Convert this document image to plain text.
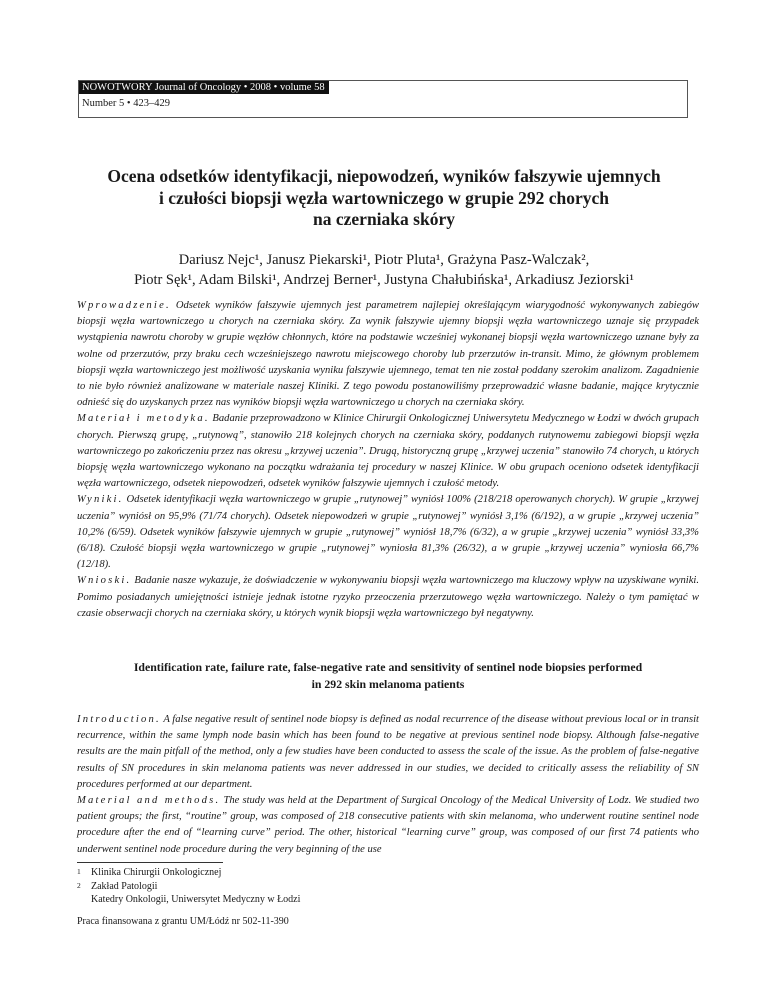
NOWOTWORY Journal of Oncology • 2008 • volume 58
Number 5 • 423–429
Ocena odsetków identyfikacji, niepowodzeń, wyników fałszywie ujemnych
i czułości biopsji węzła wartowniczego w grupie 292 chorych
na czerniaka skóry
Dariusz Nejc¹, Janusz Piekarski¹, Piotr Pluta¹, Grażyna Pasz-Walczak²,
Piotr Sęk¹, Adam Bilski¹, Andrzej Berner¹, Justyna Chałubińska¹, Arkadiusz Jeziorski¹

Wprowadzenie. Odsetek wyników fałszywie ujemnych jest parametrem najlepiej określającym wiarygodność wykonywanych zabiegów biopsji węzła wartowniczego u chorych na czerniaka skóry. Za wynik fałszywie ujemny biopsji węzła wartowniczego uznaje się przypadek wystąpienia nawrotu choroby w grupie węzłów chłonnych, które na podstawie wcześniej wykonanej biopsji węzła wartowniczego uznane były za wolne od przerzutów, przy braku cech wcześniejszego nawrotu miejscowego choroby lub przerzutów in-transit. Mimo, że głównym problemem biopsji węzła wartowniczego jest możliwość uzyskania wyniku fałszywie ujemnego, temat ten nie został poddany szerokim analizom. Zagadnienie to nie było również analizowane w materiale naszej Kliniki. Z tego powodu postanowiliśmy przeprowadzić własne badanie, mające krytycznie odnieść się do uzyskanych przez nas wyników biopsji węzła wartowniczego u chorych na czerniaka skóry.

Materiał i metodyka. Badanie przeprowadzono w Klinice Chirurgii Onkologicznej Uniwersytetu Medycznego w Łodzi w dwóch grupach chorych. Pierwszą grupę, „rutynową”, stanowiło 218 kolejnych chorych na czerniaka skóry, poddanych rutynowemu zabiegowi biopsji węzła wartowniczego po zakończeniu przez nas okresu „krzywej uczenia”. Drugą, historyczną grupę „krzywej uczenia” stanowiło 74 chorych, u których biopsję węzła wartowniczego wykonano na początku wdrażania tej procedury w naszej Klinice. W obu grupach oceniono odsetek identyfikacji węzła wartowniczego, odsetek niepowodzeń, odsetek wyników fałszywie ujemnych i czułość metody.

Wyniki. Odsetek identyfikacji węzła wartowniczego w grupie „rutynowej” wyniósł 100% (218/218 operowanych chorych). W grupie „krzywej uczenia” wyniósł on 95,9% (71/74 chorych). Odsetek niepowodzeń w grupie „rutynowej” wyniósł 3,1% (6/192), a w grupie „krzywej uczenia” 10,2% (6/59). Odsetek wyników fałszywie ujemnych w grupie „rutynowej” wyniósł 18,7% (6/32), a w grupie „krzywej uczenia” wyniósł 33,3% (6/18). Czułość biopsji węzła wartowniczego w grupie „rutynowej” wyniosła 81,3% (26/32), a w grupie „krzywej uczenia” wyniosła 66,7% (12/18).

Wnioski. Badanie nasze wykazuje, że doświadczenie w wykonywaniu biopsji węzła wartowniczego ma kluczowy wpływ na uzyskiwane wyniki. Pomimo posiadanych umiejętności istnieje jednak istotne ryzyko przeoczenia przerzutowego węzła wartowniczego. Należy o tym pamiętać w czasie obserwacji chorych na czerniaka skóry, u których wynik biopsji węzła wartowniczego był negatywny.

Identification rate, failure rate, false-negative rate and sensitivity of sentinel node biopsies performed
in 292 skin melanoma patients

Introduction. A false negative result of sentinel node biopsy is defined as nodal recurrence of the disease without previous local or in transit recurrence, within the same lymph node basin which has been found to be negative at previous sentinel node biopsy. Although false-negative results are the main pitfall of the method, only a few studies have been conducted to assess the scale of the issue. As the problem of false-negative results of SN procedures in skin melanoma patients was never addressed in our studies, we decided to critically assess the reliability of SN procedures performed at our department.

Material and methods. The study was held at the Department of Surgical Oncology of the Medical University of Lodz. We studied two patient groups; the first, “routine” group, was composed of 218 consecutive patients with skin melanoma, who underwent routine sentinel node procedure after the end of “learning curve” period. The other, historical “learning curve” group, was composed of our first 74 patients who underwent sentinel node procedure during the very beginning of the use

1	Klinika Chirurgii Onkologicznej
2	Zakład Patologii
Katedry Onkologii, Uniwersytet Medyczny w Łodzi
Praca finansowana z grantu UM/Łódź nr 502-11-390
